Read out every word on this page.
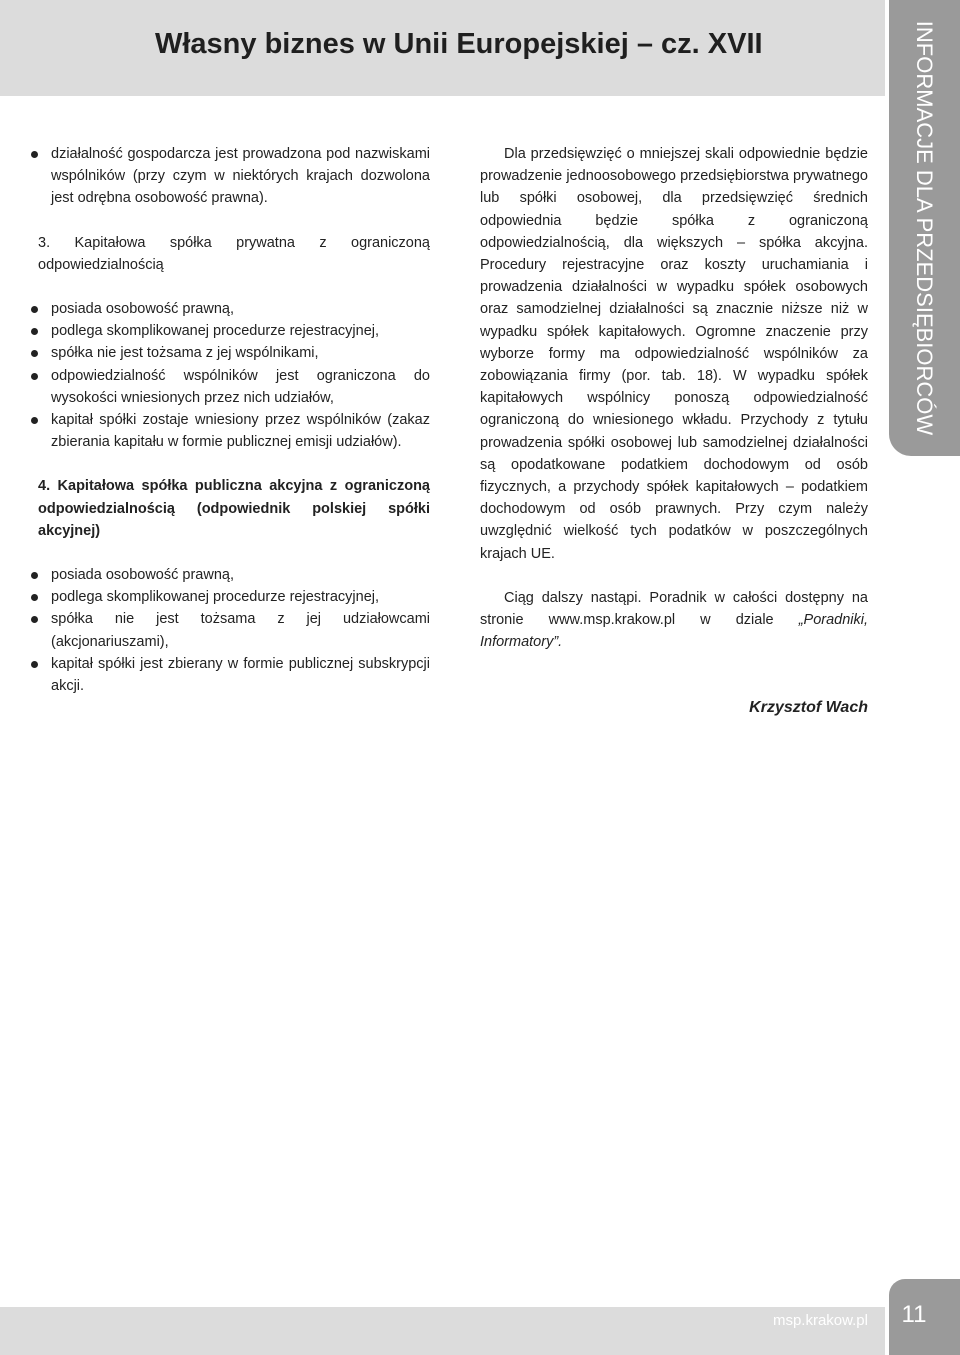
Własny biznes w Unii Europejskiej – cz. XVII	INFORMACJE DLA PRZEDSIĘBIORCÓW
działalność gospodarcza jest prowadzona pod nazwiskami wspólników (przy czym w niektórych krajach dozwolona jest odrębna osobowość prawna).

3. Kapitałowa spółka prywatna z ograniczoną odpowiedzialnością

posiada osobowość prawną,
podlega skomplikowanej procedurze rejestracyjnej,
spółka nie jest tożsama z jej wspólnikami,
odpowiedzialność wspólników jest ograniczona do wysokości wniesionych przez nich udziałów,
kapitał spółki zostaje wniesiony przez wspólników (zakaz zbierania kapitału w formie publicznej emisji udziałów).

4. Kapitałowa spółka publiczna akcyjna z ograniczoną odpowiedzialnością (odpowiednik polskiej spółki akcyjnej)

posiada osobowość prawną,
podlega skomplikowanej procedurze rejestracyjnej,
spółka nie jest tożsama z jej udziałowcami (akcjonariuszami),
kapitał spółki jest zbierany w formie publicznej subskrypcji akcji.

Dla przedsięwzięć o mniejszej skali odpowiednie będzie prowadzenie jednoosobowego przedsiębiorstwa prywatnego lub spółki osobowej, dla przedsięwzięć średnich odpowiednia będzie spółka z ograniczoną odpowiedzialnością, dla większych – spółka akcyjna. Procedury rejestracyjne oraz koszty uruchamiania i prowadzenia działalności w wypadku spółek osobowych oraz samodzielnej działalności są znacznie niższe niż w wypadku spółek kapitałowych. Ogromne znaczenie przy wyborze formy ma odpowiedzialność wspólników za zobowiązania firmy (por. tab. 18). W wypadku spółek kapitałowych wspólnicy ponoszą odpowiedzialność ograniczoną do wniesionego wkładu. Przychody z tytułu prowadzenia spółki osobowej lub samodzielnej działalności są opodatkowane podatkiem dochodowym od osób fizycznych, a przychody spółek kapitałowych – podatkiem dochodowym od osób prawnych. Przy czym należy uwzględnić wielkość tych podatków w poszczególnych krajach UE.

Ciąg dalszy nastąpi. Poradnik w całości dostępny na stronie www.msp.krakow.pl w dziale „Poradniki, Informatory”.

Krzysztof Wach

msp.krakow.pl	11
